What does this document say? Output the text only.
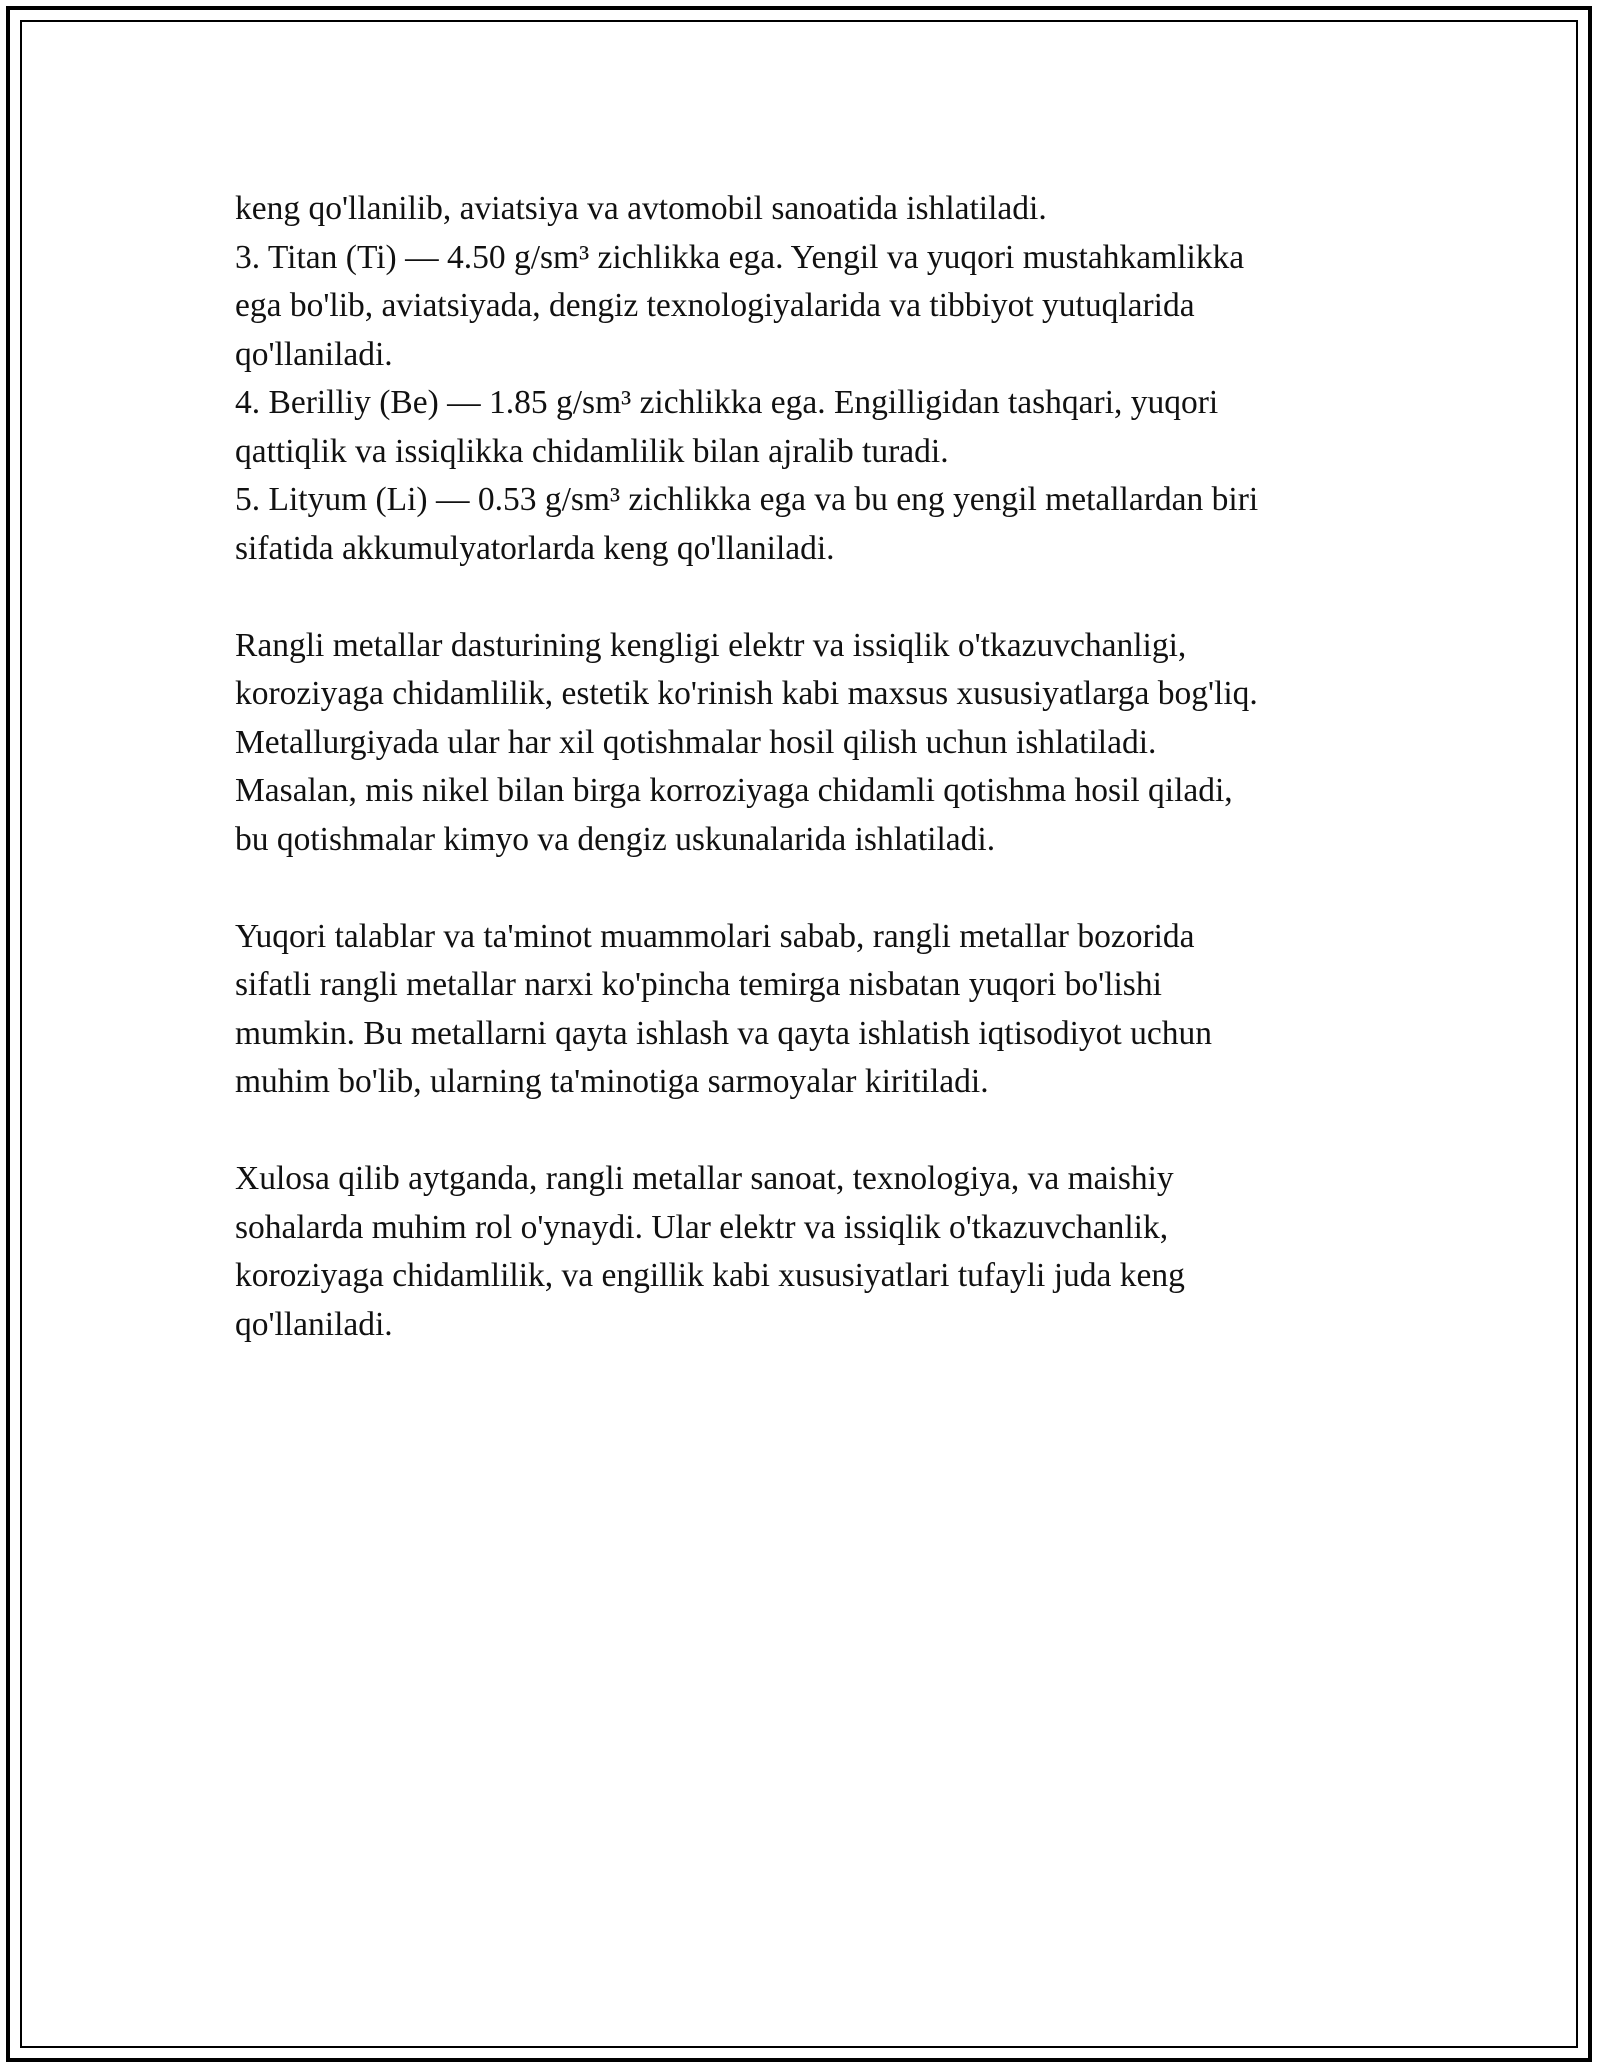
keng qo'llanilib, aviatsiya va avtomobil sanoatida ishlatiladi.
3. Titan (Ti) — 4.50 g/sm³ zichlikka ega. Yengil va yuqori mustahkamlikka
ega bo'lib, aviatsiyada, dengiz texnologiyalarida va tibbiyot yutuqlarida
qo'llaniladi.
4. Berilliy (Be) — 1.85 g/sm³ zichlikka ega. Engilligidan tashqari, yuqori
qattiqlik va issiqlikka chidamlilik bilan ajralib turadi.
5. Lityum (Li) — 0.53 g/sm³ zichlikka ega va bu eng yengil metallardan biri
sifatida akkumulyatorlarda keng qo'llaniladi.
Rangli metallar dasturining kengligi elektr va issiqlik o'tkazuvchanligi,
koroziyaga chidamlilik, estetik ko'rinish kabi maxsus xususiyatlarga bog'liq.
Metallurgiyada ular har xil qotishmalar hosil qilish uchun ishlatiladi.
Masalan, mis nikel bilan birga korroziyaga chidamli qotishma hosil qiladi,
bu qotishmalar kimyo va dengiz uskunalarida ishlatiladi.
Yuqori talablar va ta'minot muammolari sabab, rangli metallar bozorida
sifatli rangli metallar narxi ko'pincha temirga nisbatan yuqori bo'lishi
mumkin. Bu metallarni qayta ishlash va qayta ishlatish iqtisodiyot uchun
muhim bo'lib, ularning ta'minotiga sarmoyalar kiritiladi.
Xulosa qilib aytganda, rangli metallar sanoat, texnologiya, va maishiy
sohalarda muhim rol o'ynaydi. Ular elektr va issiqlik o'tkazuvchanlik,
koroziyaga chidamlilik, va engillik kabi xususiyatlari tufayli juda keng
qo'llaniladi.
